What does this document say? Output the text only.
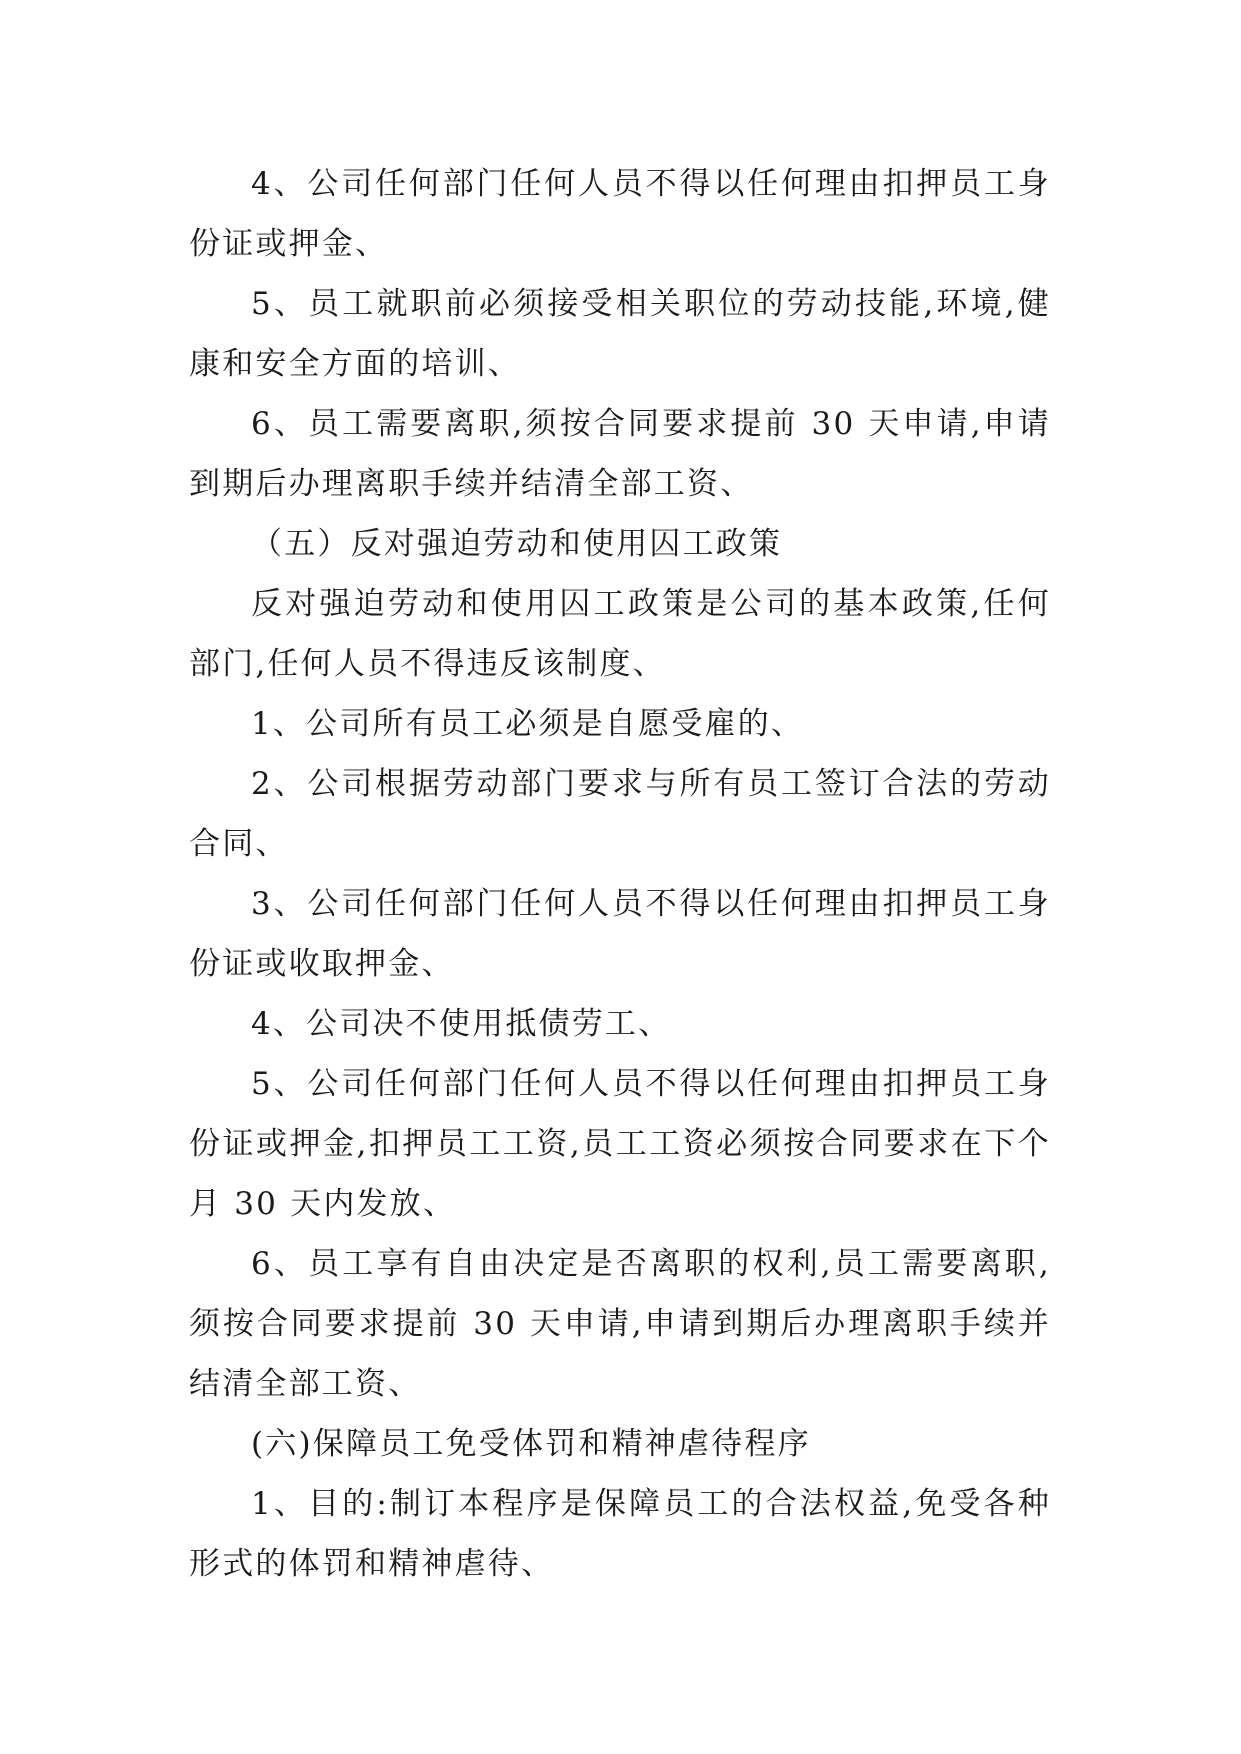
4、公司任何部门任何人员不得以任何理由扣押员工身份证或押金、

5、员工就职前必须接受相关职位的劳动技能,环境,健康和安全方面的培训、

6、员工需要离职,须按合同要求提前 30 天申请,申请到期后办理离职手续并结清全部工资、

（五）反对强迫劳动和使用囚工政策

反对强迫劳动和使用囚工政策是公司的基本政策,任何部门,任何人员不得违反该制度、

1、公司所有员工必须是自愿受雇的、

2、公司根据劳动部门要求与所有员工签订合法的劳动合同、

3、公司任何部门任何人员不得以任何理由扣押员工身份证或收取押金、

4、公司决不使用抵债劳工、

5、公司任何部门任何人员不得以任何理由扣押员工身份证或押金,扣押员工工资,员工工资必须按合同要求在下个月 30 天内发放、

6、员工享有自由决定是否离职的权利,员工需要离职,须按合同要求提前 30 天申请,申请到期后办理离职手续并结清全部工资、

(六)保障员工免受体罚和精神虐待程序

1、目的:制订本程序是保障员工的合法权益,免受各种形式的体罚和精神虐待、
